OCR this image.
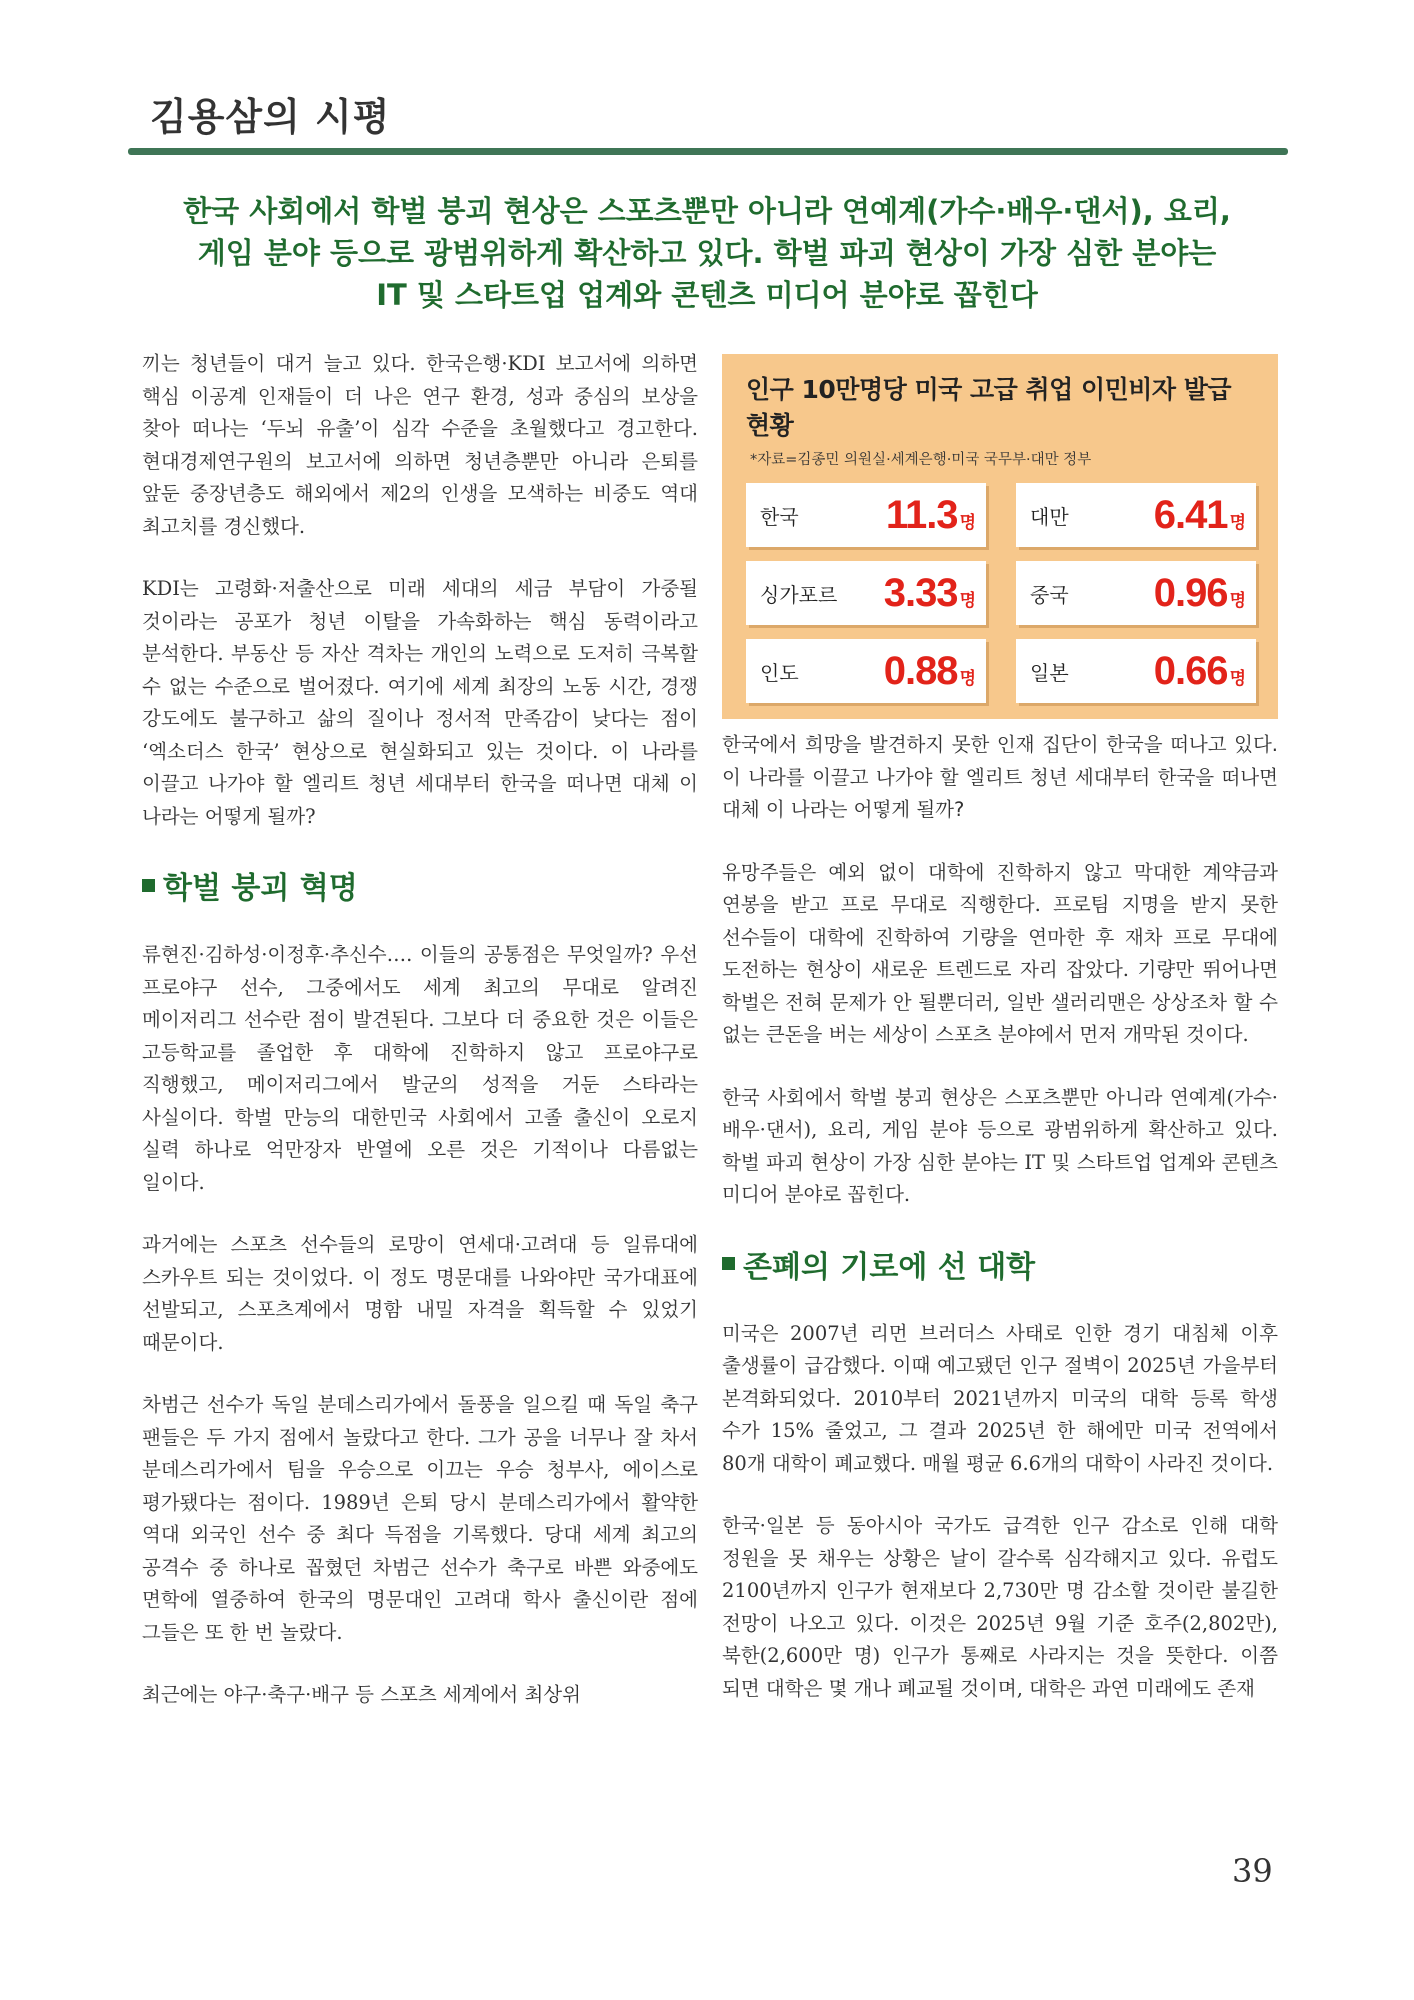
김용삼의 시평
한국 사회에서 학벌 붕괴 현상은 스포츠뿐만 아니라 연예계(가수·배우·댄서), 요리,
게임 분야 등으로 광범위하게 확산하고 있다. 학벌 파괴 현상이 가장 심한 분야는
IT 및 스타트업 업계와 콘텐츠 미디어 분야로 꼽힌다

끼는 청년들이 대거 늘고 있다. 한국은행·KDI 보고서에 의하면 핵심 이공계 인재들이 더 나은 연구 환경, 성과 중심의 보상을 찾아 떠나는 ‘두뇌 유출’이 심각 수준을 초월했다고 경고한다. 현대경제연구원의 보고서에 의하면 청년층뿐만 아니라 은퇴를 앞둔 중장년층도 해외에서 제2의 인생을 모색하는 비중도 역대 최고치를 경신했다.

KDI는 고령화·저출산으로 미래 세대의 세금 부담이 가중될 것이라는 공포가 청년 이탈을 가속화하는 핵심 동력이라고 분석한다. 부동산 등 자산 격차는 개인의 노력으로 도저히 극복할 수 없는 수준으로 벌어졌다. 여기에 세계 최장의 노동 시간, 경쟁 강도에도 불구하고 삶의 질이나 정서적 만족감이 낮다는 점이 ‘엑소더스 한국’ 현상으로 현실화되고 있는 것이다. 이 나라를 이끌고 나가야 할 엘리트 청년 세대부터 한국을 떠나면 대체 이 나라는 어떻게 될까?

학벌 붕괴 혁명

류현진·김하성·이정후·추신수…. 이들의 공통점은 무엇일까? 우선 프로야구 선수, 그중에서도 세계 최고의 무대로 알려진 메이저리그 선수란 점이 발견된다. 그보다 더 중요한 것은 이들은 고등학교를 졸업한 후 대학에 진학하지 않고 프로야구로 직행했고, 메이저리그에서 발군의 성적을 거둔 스타라는 사실이다. 학벌 만능의 대한민국 사회에서 고졸 출신이 오로지 실력 하나로 억만장자 반열에 오른 것은 기적이나 다름없는 일이다.

과거에는 스포츠 선수들의 로망이 연세대·고려대 등 일류대에 스카우트 되는 것이었다. 이 정도 명문대를 나와야만 국가대표에 선발되고, 스포츠계에서 명함 내밀 자격을 획득할 수 있었기 때문이다.

차범근 선수가 독일 분데스리가에서 돌풍을 일으킬 때 독일 축구 팬들은 두 가지 점에서 놀랐다고 한다. 그가 공을 너무나 잘 차서 분데스리가에서 팀을 우승으로 이끄는 우승 청부사, 에이스로 평가됐다는 점이다. 1989년 은퇴 당시 분데스리가에서 활약한 역대 외국인 선수 중 최다 득점을 기록했다. 당대 세계 최고의 공격수 중 하나로 꼽혔던 차범근 선수가 축구로 바쁜 와중에도 면학에 열중하여 한국의 명문대인 고려대 학사 출신이란 점에 그들은 또 한 번 놀랐다.

최근에는 야구·축구·배구 등 스포츠 세계에서 최상위

인구 10만명당 미국 고급 취업 이민비자 발급 현황
*자료=김종민 의원실·세계은행·미국 국무부·대만 정부
한국 11.3 명	대만 6.41 명
싱가포르 3.33 명	중국 0.96 명
인도 0.88 명	일본 0.66 명

한국에서 희망을 발견하지 못한 인재 집단이 한국을 떠나고 있다. 이 나라를 이끌고 나가야 할 엘리트 청년 세대부터 한국을 떠나면 대체 이 나라는 어떻게 될까?

유망주들은 예외 없이 대학에 진학하지 않고 막대한 계약금과 연봉을 받고 프로 무대로 직행한다. 프로팀 지명을 받지 못한 선수들이 대학에 진학하여 기량을 연마한 후 재차 프로 무대에 도전하는 현상이 새로운 트렌드로 자리 잡았다. 기량만 뛰어나면 학벌은 전혀 문제가 안 될뿐더러, 일반 샐러리맨은 상상조차 할 수 없는 큰돈을 버는 세상이 스포츠 분야에서 먼저 개막된 것이다.

한국 사회에서 학벌 붕괴 현상은 스포츠뿐만 아니라 연예계(가수·배우·댄서), 요리, 게임 분야 등으로 광범위하게 확산하고 있다. 학벌 파괴 현상이 가장 심한 분야는 IT 및 스타트업 업계와 콘텐츠 미디어 분야로 꼽힌다.

존폐의 기로에 선 대학

미국은 2007년 리먼 브러더스 사태로 인한 경기 대침체 이후 출생률이 급감했다. 이때 예고됐던 인구 절벽이 2025년 가을부터 본격화되었다. 2010부터 2021년까지 미국의 대학 등록 학생 수가 15% 줄었고, 그 결과 2025년 한 해에만 미국 전역에서 80개 대학이 폐교했다. 매월 평균 6.6개의 대학이 사라진 것이다.

한국·일본 등 동아시아 국가도 급격한 인구 감소로 인해 대학 정원을 못 채우는 상황은 날이 갈수록 심각해지고 있다. 유럽도 2100년까지 인구가 현재보다 2,730만 명 감소할 것이란 불길한 전망이 나오고 있다. 이것은 2025년 9월 기준 호주(2,802만), 북한(2,600만 명) 인구가 통째로 사라지는 것을 뜻한다. 이쯤 되면 대학은 몇 개나 폐교될 것이며, 대학은 과연 미래에도 존재

39
